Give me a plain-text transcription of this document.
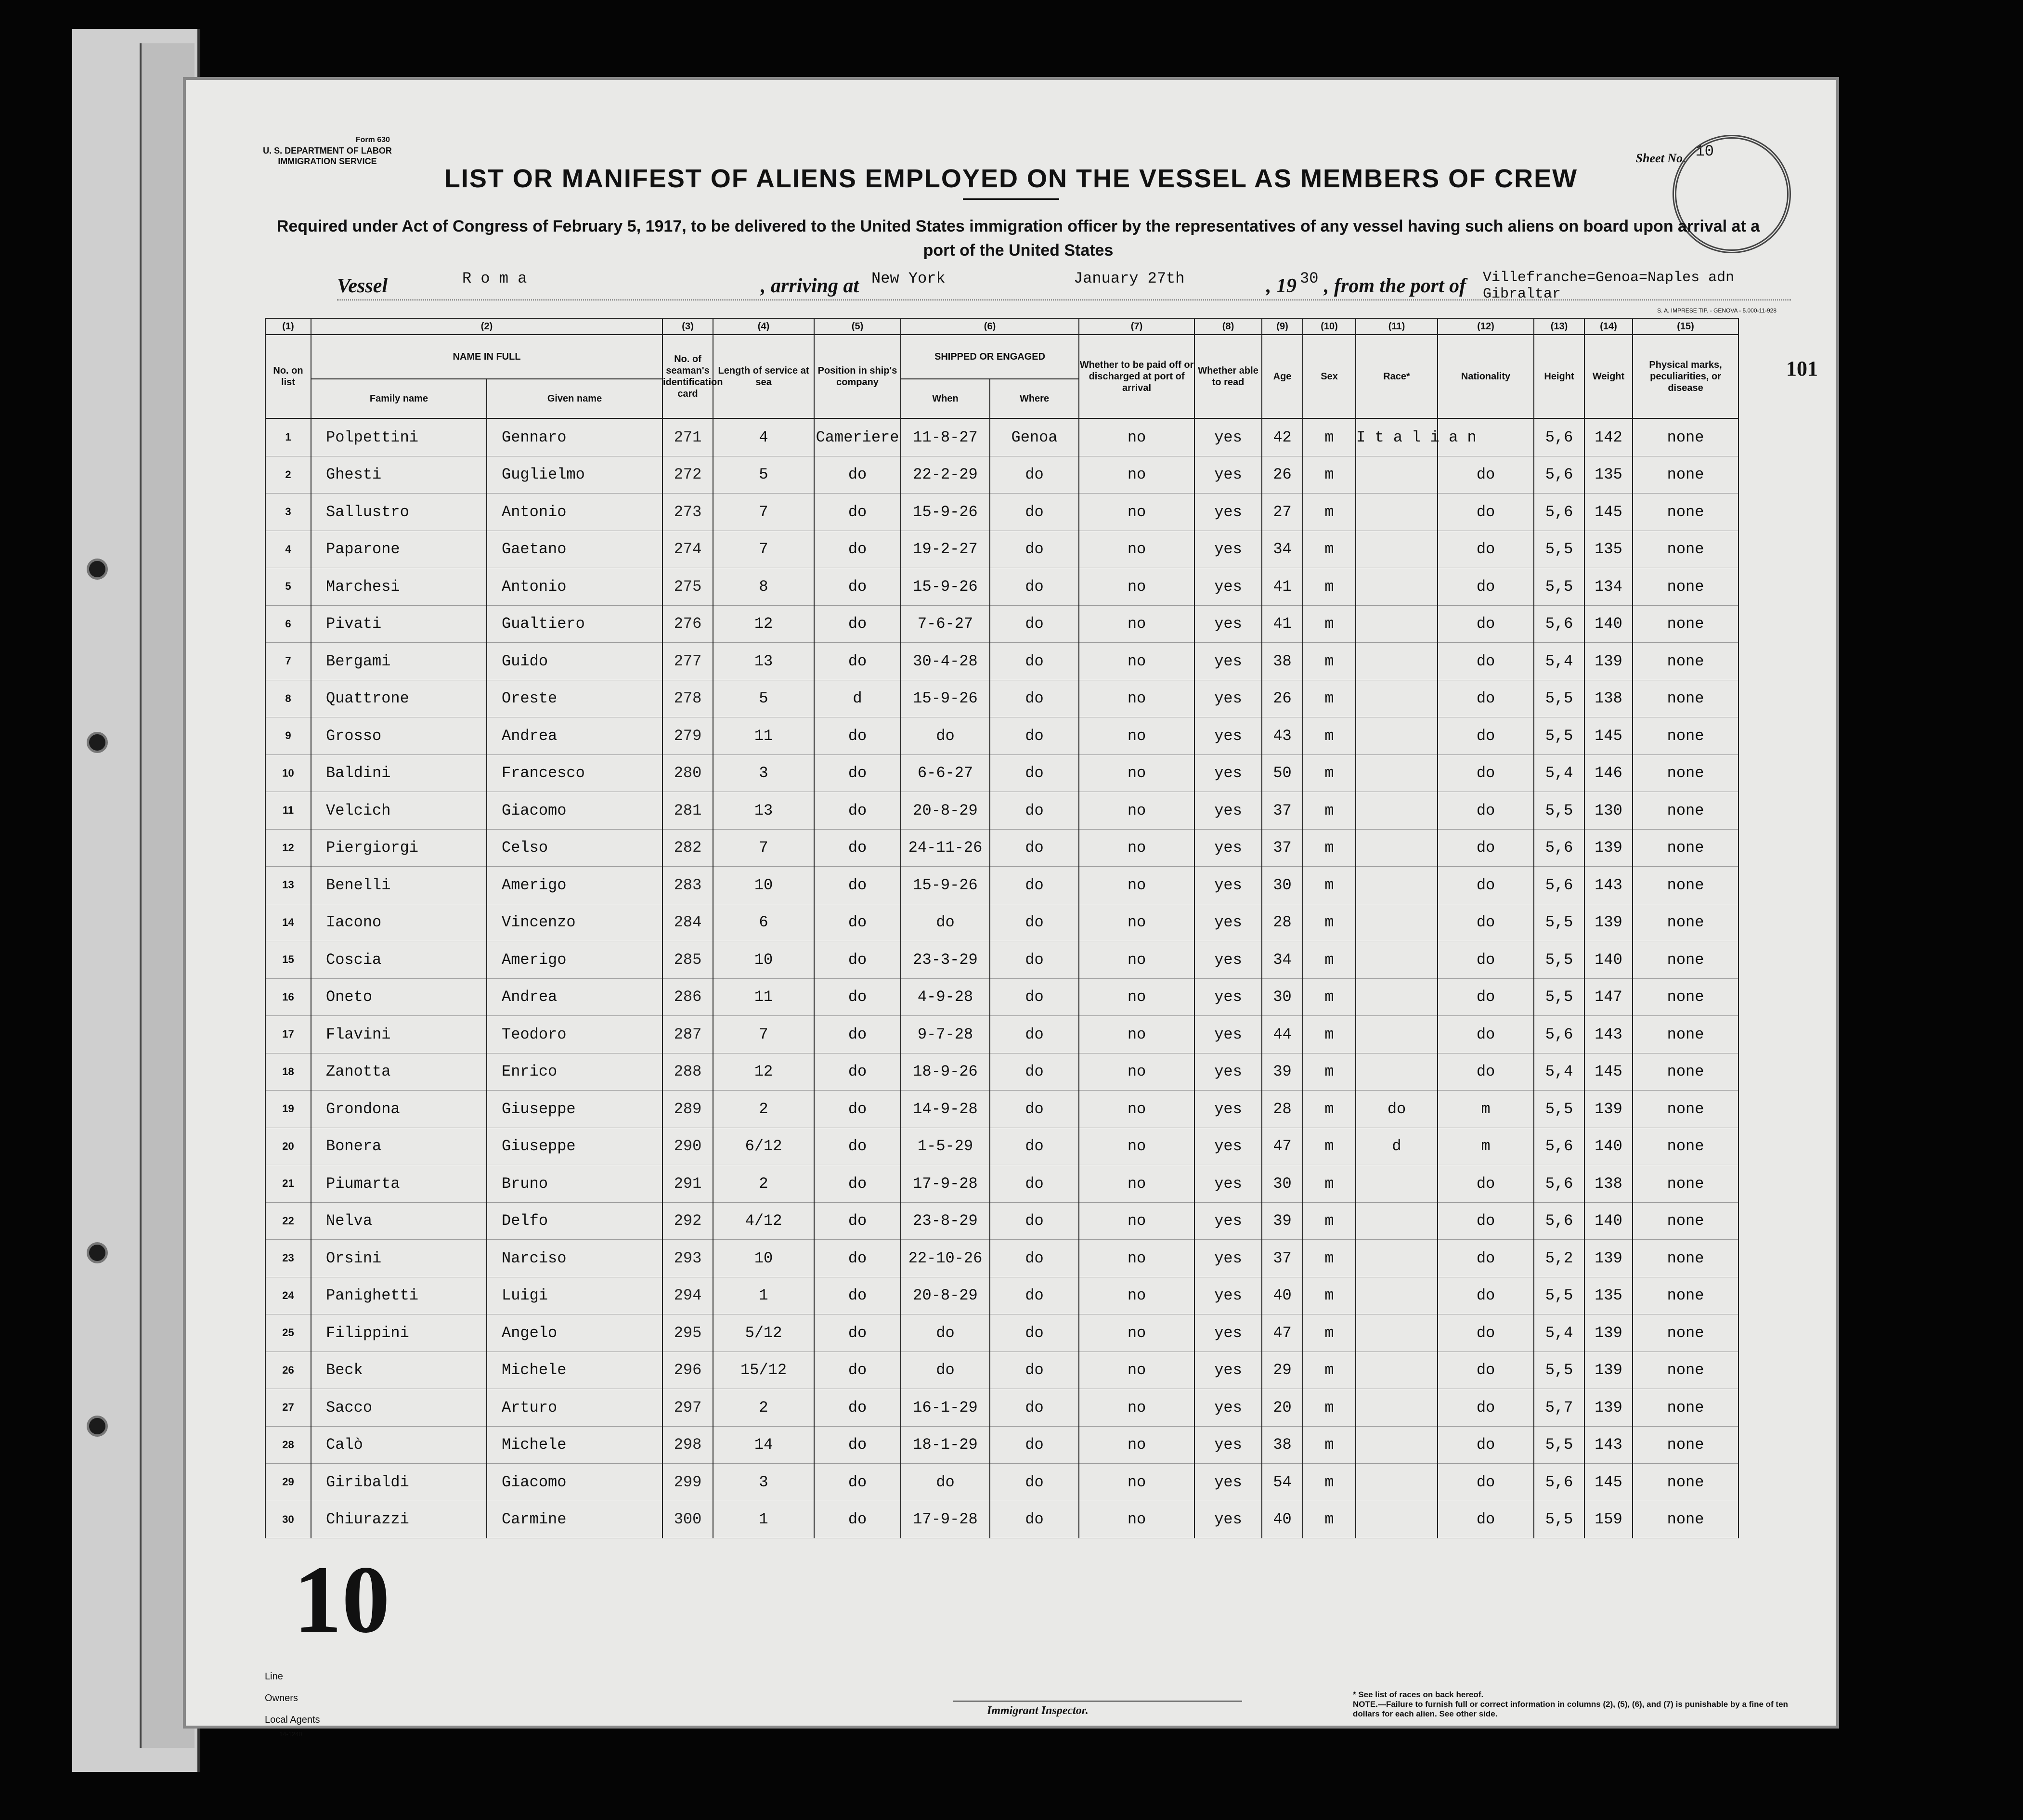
Form 630
U. S. DEPARTMENT OF LABOR
IMMIGRATION SERVICE	Sheet No. 10
LIST OR MANIFEST OF ALIENS EMPLOYED ON THE VESSEL AS MEMBERS OF CREW
Required under Act of Congress of February 5, 1917, to be delivered to the United States immigration officer by the representatives of any vessel having such aliens on board upon arrival at a port of the United States
Vessel	R o m a	, arriving at New York	January 27th	, 19 30 , from the port of Villefranche=Genoa=Naples adn Gibraltar
S. A. IMPRESE TIP. - GENOVA - 5.000-11-928
101
(1)	(2)		(3)	(4)	(5)	(6)		(7)	(8)	(9)	(10)	(11)	(12)	(13)	(14)	(15)
No. on list	NAME IN FULL		No. of seaman's identification card	Length of service at sea	Position in ship's company	SHIPPED OR ENGAGED		Whether to be paid off or discharged at port of arrival	Whether able to read	Age	Sex	Race*	Nationality	Height	Weight	Physical marks, peculiarities, or disease
	Family name	Given name				When	Where									
1	Polpettini	Gennaro	271	4	Cameriere	11-8-27	Genoa	no	yes	42	m	I t a l i a n		5,6	142	none
2	Ghesti	Guglielmo	272	5	do	22-2-29	do	no	yes	26	m		do	5,6	135	none
3	Sallustro	Antonio	273	7	do	15-9-26	do	no	yes	27	m		do	5,6	145	none
4	Paparone	Gaetano	274	7	do	19-2-27	do	no	yes	34	m		do	5,5	135	none
5	Marchesi	Antonio	275	8	do	15-9-26	do	no	yes	41	m		do	5,5	134	none
6	Pivati	Gualtiero	276	12	do	7-6-27	do	no	yes	41	m		do	5,6	140	none
7	Bergami	Guido	277	13	do	30-4-28	do	no	yes	38	m		do	5,4	139	none
8	Quattrone	Oreste	278	5	d	15-9-26	do	no	yes	26	m		do	5,5	138	none
9	Grosso	Andrea	279	11	do	do	do	no	yes	43	m		do	5,5	145	none
10	Baldini	Francesco	280	3	do	6-6-27	do	no	yes	50	m		do	5,4	146	none
11	Velcich	Giacomo	281	13	do	20-8-29	do	no	yes	37	m		do	5,5	130	none
12	Piergiorgi	Celso	282	7	do	24-11-26	do	no	yes	37	m		do	5,6	139	none
13	Benelli	Amerigo	283	10	do	15-9-26	do	no	yes	30	m		do	5,6	143	none
14	Iacono	Vincenzo	284	6	do	do	do	no	yes	28	m		do	5,5	139	none
15	Coscia	Amerigo	285	10	do	23-3-29	do	no	yes	34	m		do	5,5	140	none
16	Oneto	Andrea	286	11	do	4-9-28	do	no	yes	30	m		do	5,5	147	none
17	Flavini	Teodoro	287	7	do	9-7-28	do	no	yes	44	m		do	5,6	143	none
18	Zanotta	Enrico	288	12	do	18-9-26	do	no	yes	39	m		do	5,4	145	none
19	Grondona	Giuseppe	289	2	do	14-9-28	do	no	yes	28	m	do	m	5,5	139	none
20	Bonera	Giuseppe	290	6/12	do	1-5-29	do	no	yes	47	m	d	m	5,6	140	none
21	Piumarta	Bruno	291	2	do	17-9-28	do	no	yes	30	m		do	5,6	138	none
22	Nelva	Delfo	292	4/12	do	23-8-29	do	no	yes	39	m		do	5,6	140	none
23	Orsini	Narciso	293	10	do	22-10-26	do	no	yes	37	m		do	5,2	139	none
24	Panighetti	Luigi	294	1	do	20-8-29	do	no	yes	40	m		do	5,5	135	none
25	Filippini	Angelo	295	5/12	do	do	do	no	yes	47	m		do	5,4	139	none
26	Beck	Michele	296	15/12	do	do	do	no	yes	29	m		do	5,5	139	none
27	Sacco	Arturo	297	2	do	16-1-29	do	no	yes	20	m		do	5,7	139	none
28	Calò	Michele	298	14	do	18-1-29	do	no	yes	38	m		do	5,5	143	none
29	Giribaldi	Giacomo	299	3	do	do	do	no	yes	54	m		do	5,6	145	none
30	Chiurazzi	Carmine	300	1	do	17-9-28	do	no	yes	40	m		do	5,5	159	none
10
Line
Owners
Local Agents
14-1240
Immigrant Inspector.
* See list of races on back hereof.
NOTE.—Failure to furnish full or correct information in columns (2), (5), (6), and (7) is punishable by a fine of ten dollars for each alien. See other side.
